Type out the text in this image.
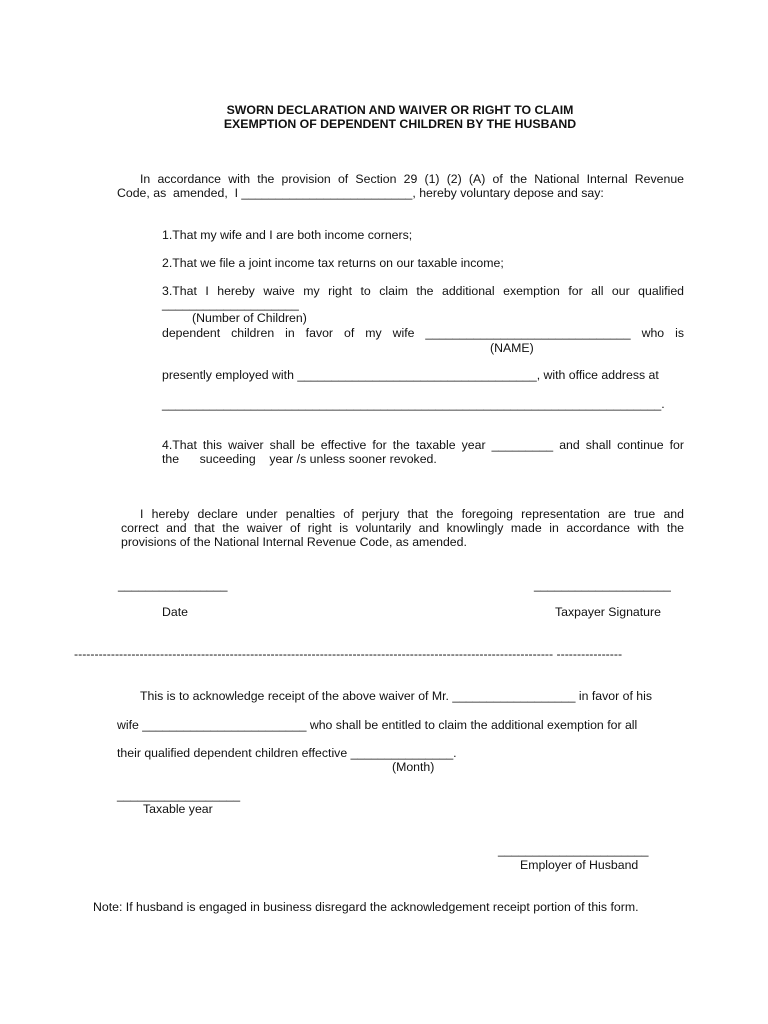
SWORN DECLARATION AND WAIVER OR RIGHT TO CLAIM
EXEMPTION OF DEPENDENT CHILDREN BY THE HUSBAND
In accordance with the provision of Section 29 (1) (2) (A) of the National Internal Revenue
Code, as  amended,  I _________________________, hereby voluntary depose and say:
1.That my wife and I are both income corners;
2.That we file a joint income tax returns on our taxable income;
3.That I hereby waive my right to claim the additional exemption for all our qualified
____________________
(Number of Children)
dependent children in favor of my wife ______________________________ who is
(NAME)
presently employed with ___________________________________, with office address at
_________________________________________________________________________.
4.That this waiver shall be effective for the taxable year _________ and shall continue for
the      suceeding    year /s unless sooner revoked.
I hereby declare under penalties of perjury that the foregoing representation are true and
correct and that the waiver of right is voluntarily and knowlingly made in accordance with the
provisions of the National Internal Revenue Code, as amended.
________________
Date
____________________
Taxpayer Signature
--------------------------------------------------------------------------------------------------------------------- ----------------
This is to acknowledge receipt of the above waiver of Mr. __________________ in favor of his
wife ________________________ who shall be entitled to claim the additional exemption for all
their qualified dependent children effective _______________.
(Month)
__________________
Taxable year
______________________
Employer of Husband
Note: If husband is engaged in business disregard the acknowledgement receipt portion of this form.
